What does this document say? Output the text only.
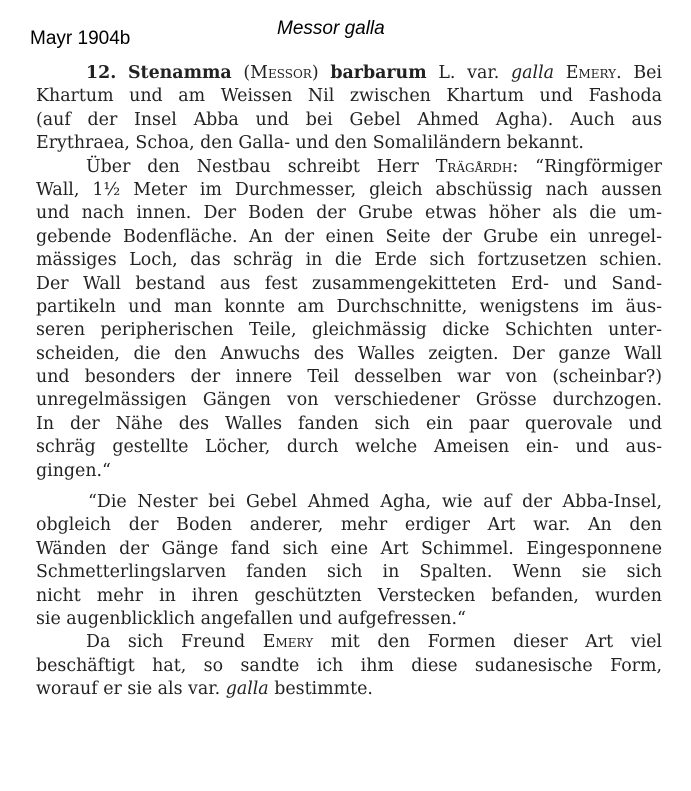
Mayr 1904b	Messor galla
12. Stenamma (Messor) barbarum L. var. galla Emery. Bei
Khartum und am Weissen Nil zwischen Khartum und Fashoda
(auf der Insel Abba und bei Gebel Ahmed Agha). Auch aus
Erythraea, Schoa, den Galla- und den Somaliländern bekannt.
Über den Nestbau schreibt Herr Trägårdh: “Ringförmiger
Wall, 1½ Meter im Durchmesser, gleich abschüssig nach aussen
und nach innen. Der Boden der Grube etwas höher als die um-
gebende Bodenfläche. An der einen Seite der Grube ein unregel-
mässiges Loch, das schräg in die Erde sich fortzusetzen schien.
Der Wall bestand aus fest zusammengekitteten Erd- und Sand-
partikeln und man konnte am Durchschnitte, wenigstens im äus-
seren peripherischen Teile, gleichmässig dicke Schichten unter-
scheiden, die den Anwuchs des Walles zeigten. Der ganze Wall
und besonders der innere Teil desselben war von (scheinbar?)
unregelmässigen Gängen von verschiedener Grösse durchzogen.
In der Nähe des Walles fanden sich ein paar querovale und
schräg gestellte Löcher, durch welche Ameisen ein- und aus-
gingen.“
“Die Nester bei Gebel Ahmed Agha, wie auf der Abba-Insel,
obgleich der Boden anderer, mehr erdiger Art war. An den
Wänden der Gänge fand sich eine Art Schimmel. Eingesponnene
Schmetterlingslarven fanden sich in Spalten. Wenn sie sich
nicht mehr in ihren geschützten Verstecken befanden, wurden
sie augenblicklich angefallen und aufgefressen.“
Da sich Freund Emery mit den Formen dieser Art viel
beschäftigt hat, so sandte ich ihm diese sudanesische Form,
worauf er sie als var. galla bestimmte.
